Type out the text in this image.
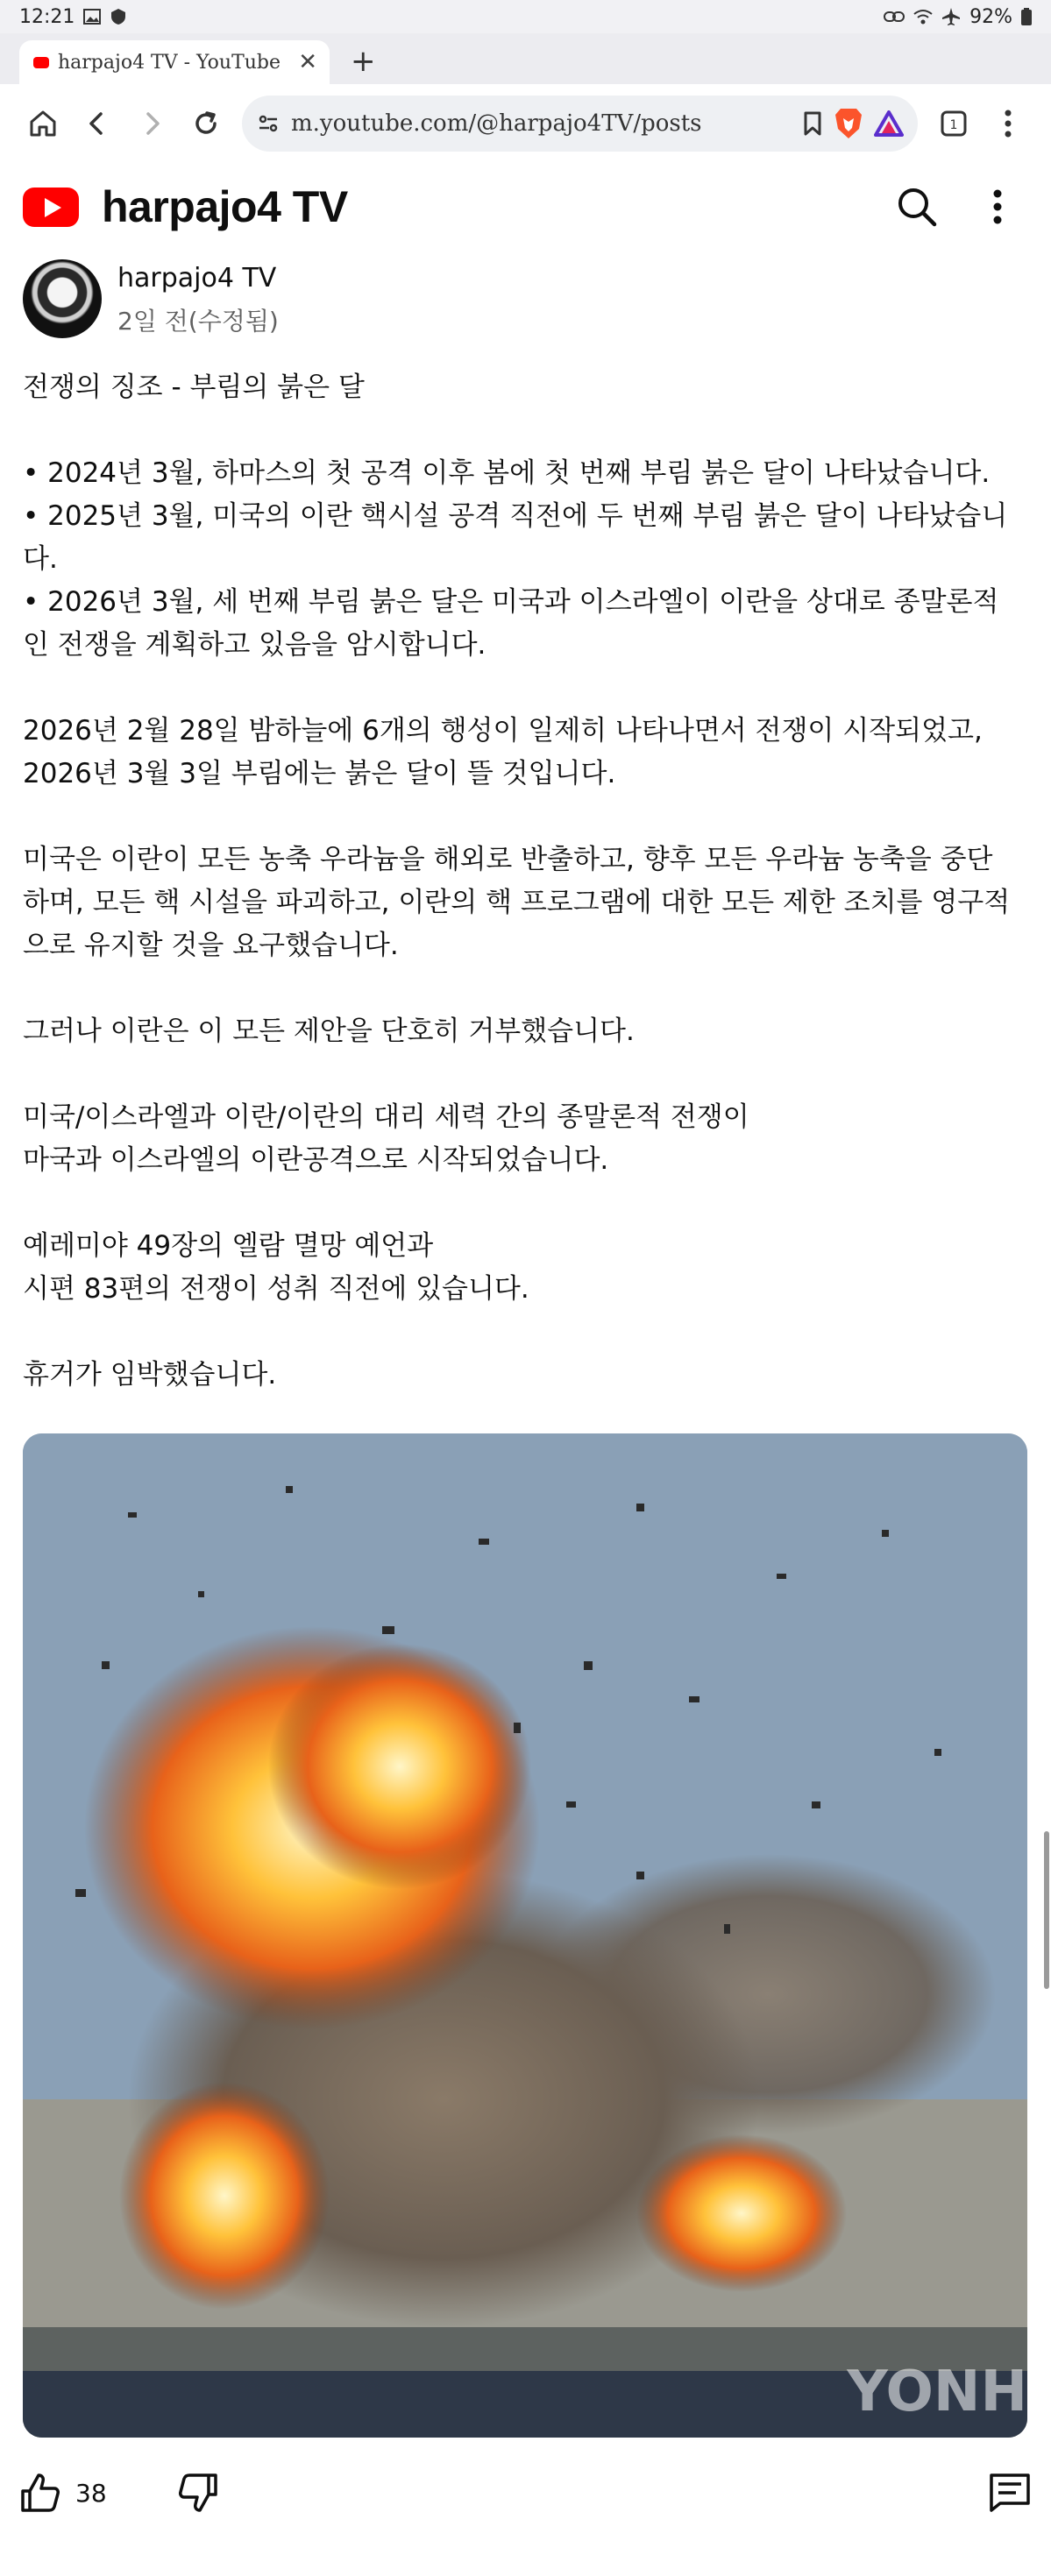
12:21	92%
harpajo4 TV - YouTube ✕ +
m.youtube.com/@harpajo4TV/posts	1
harpajo4 TV
harpajo4 TV
2일 전(수정됨)
전쟁의 징조 - 부림의 붉은 달

• 2024년 3월, 하마스의 첫 공격 이후 봄에 첫 번째 부림 붉은 달이 나타났습니다.
• 2025년 3월, 미국의 이란 핵시설 공격 직전에 두 번째 부림 붉은 달이 나타났습니
다.
• 2026년 3월, 세 번째 부림 붉은 달은 미국과 이스라엘이 이란을 상대로 종말론적
인 전쟁을 계획하고 있음을 암시합니다.

2026년 2월 28일 밤하늘에 6개의 행성이 일제히 나타나면서 전쟁이 시작되었고,
2026년 3월 3일 부림에는 붉은 달이 뜰 것입니다.

미국은 이란이 모든 농축 우라늄을 해외로 반출하고, 향후 모든 우라늄 농축을 중단
하며, 모든 핵 시설을 파괴하고, 이란의 핵 프로그램에 대한 모든 제한 조치를 영구적
으로 유지할 것을 요구했습니다.

그러나 이란은 이 모든 제안을 단호히 거부했습니다.

미국/이스라엘과 이란/이란의 대리 세력 간의 종말론적 전쟁이
마국과 이스라엘의 이란공격으로 시작되었습니다.

예레미야 49장의 엘람 멸망 예언과
시편 83편의 전쟁이 성취 직전에 있습니다.

휴거가 임박했습니다.
YONH
38
